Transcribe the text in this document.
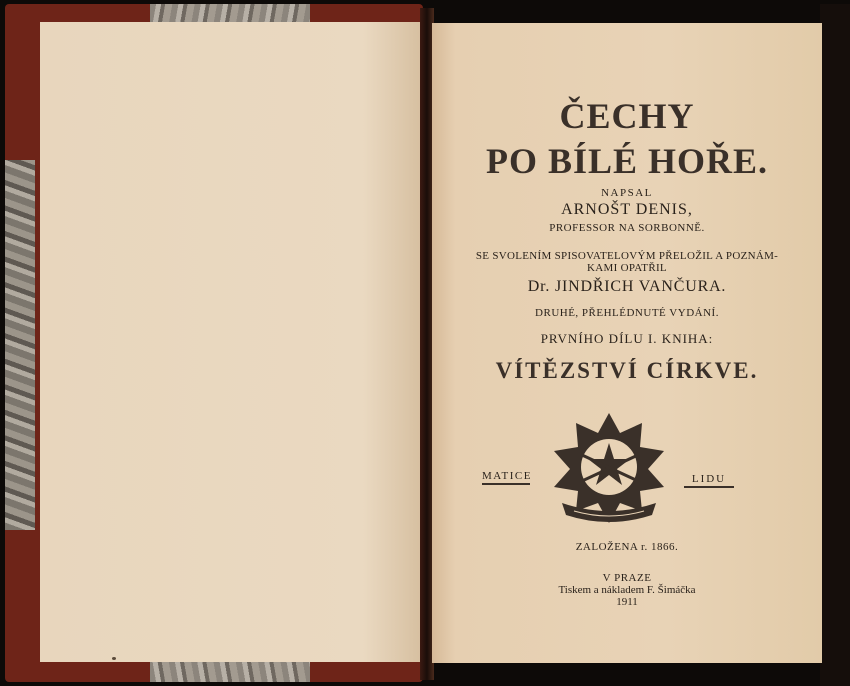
ČECHY
PO BÍLÉ HOŘE.
NAPSAL
ARNOŠT DENIS,
PROFESSOR NA SORBONNĚ.
SE SVOLENÍM SPISOVATELOVÝM PŘELOŽIL A POZNÁM-
KAMI OPATŘIL
Dr. JINDŘICH VANČURA.
DRUHÉ, PŘEHLÉDNUTÉ VYDÁNÍ.
PRVNÍHO DÍLU I. KNIHA:
VÍTĚZSTVÍ CÍRKVE.
MATICE	LIDU
ZALOŽENA r. 1866.
V PRAZE
Tiskem a nákladem F. Šimáčka
1911
